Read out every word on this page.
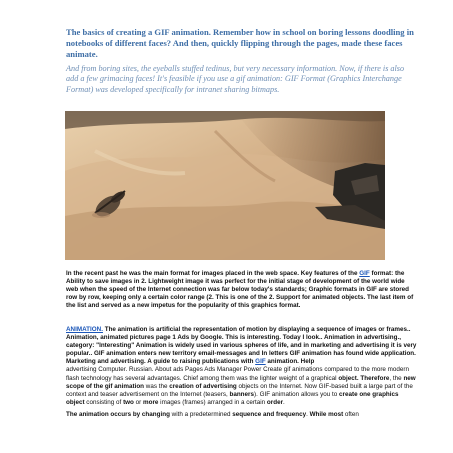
The basics of creating a GIF animation. Remember how in school on boring lessons doodling in notebooks of different faces? And then, quickly flipping through the pages, made these faces animate.

And from boring sites, the eyeballs stuffed tedinus, but very necessary information. Now, if there is also add a few grimacing faces! It's feasible if you use a gif animation: GIF Format (Graphics Interchange Format) was developed specifically for intranet sharing bitmaps.

In the recent past he was the main format for images placed in the web space. Key features of the GIF format: the Ability to save images in 2. Lightweight image it was perfect for the initial stage of development of the world wide web when the speed of the Internet connection was far below today's standards; Graphic formats in GIF are stored row by row, keeping only a certain color range (2. This is one of the 2. Support for animated objects. The last item of the list and served as a new impetus for the popularity of this graphics format.

ANIMATION. The animation is artificial the representation of motion by displaying a sequence of images or frames.. Animation, animated pictures page 1 Ads by Google. This is interesting. Today I look.. Animation in advertising., category: "Interesting" Animation is widely used in various spheres of life, and in marketing and advertising it is very popular.. GIF animation enters new territory email-messages and In letters GIF animation has found wide application. Marketing and advertising. A guide to raising publications with GIF animation. Help
advertising Computer. Russian. About ads Pages Ads Manager Power Create gif animations compared to the more modern flash technology has several advantages. Chief among them was the lighter weight of a graphical object. Therefore, the new scope of the gif animation was the creation of advertising objects on the Internet. Now GIF-based built a large part of the context and teaser advertisement on the Internet (teasers, banners). GIF animation allows you to create one graphics object consisting of two or more images (frames) arranged in a certain order.

The animation occurs by changing with a predetermined sequence and frequency. While most often
